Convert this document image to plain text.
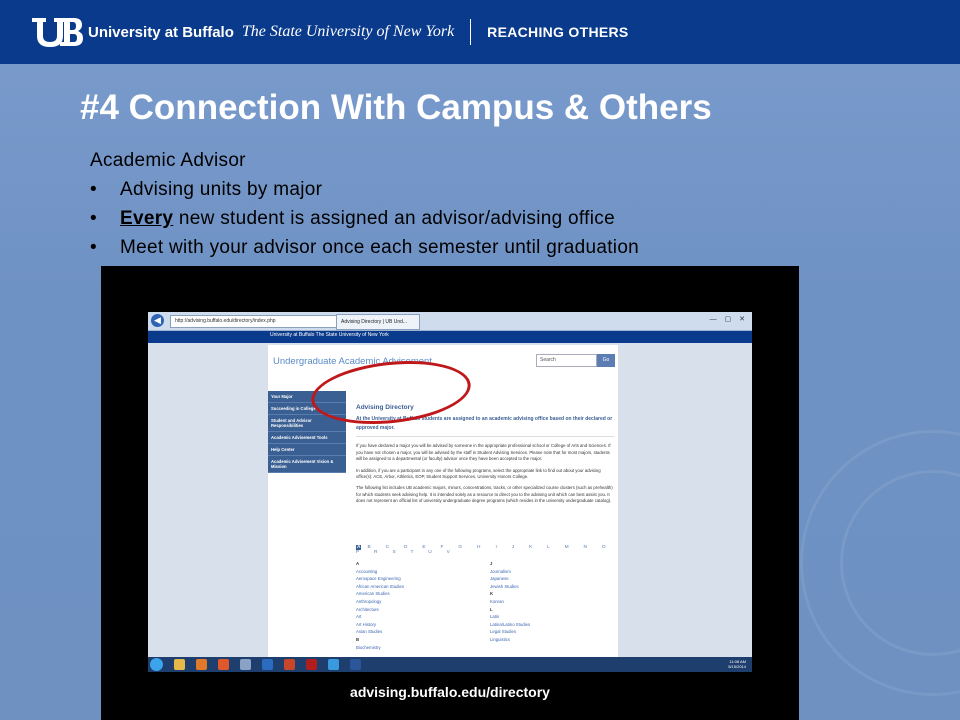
University at Buffalo The State University of New York REACHING OTHERS
#4 Connection With Campus & Others
Academic Advisor
• Advising units by major
• Every new student is assigned an advisor/advising office
• Meet with your advisor once each semester until graduation
◀	http://advising.buffalo.edu/directory/index.php	Advising Directory | UB Und...	— ▢ ✕
University at Buffalo The State University of New York
Undergraduate Academic Advisement	Search	Go
Your Major
Succeeding in College
Student and Advisor Responsibilities
Academic Advisement Tools
Help Center
Academic Advisement Vision & Mission
Advising Directory
At the University at Buffalo students are assigned to an academic advising office based on their declared or approved major.
If you have declared a major you will be advised by someone in the appropriate professional school or College of Arts and Sciences. If you have not chosen a major, you will be advised by the staff in Student Advising Services. Please note that for most majors, students will be assigned to a departmental (or faculty) advisor once they have been accepted to the major.
In addition, if you are a participant in any one of the following programs, select the appropriate link to find out about your advising office(s): ACE, Arbor, Athletics, EOP, Student Support Services, University Honors College.
The following list includes UB academic majors, minors, concentrations, tracks, or other specialized course clusters (such as prehealth) for which students seek advising help. It is intended solely as a resource to direct you to the advising unit which can best assist you. It does not represent an official list of university undergraduate degree programs (which resides in the university undergraduate catalog).
A B C D E F G H I J K L M N O P R S T U V
A
Accounting
Aerospace Engineering
African American Studies
American Studies
Anthropology
Architecture
Art
Art History
Asian Studies
B
Biochemistry
J
Journalism
Japanese
Jewish Studies
K
Korean
L
Latin
Latina/Latino Studies
Legal Studies
Linguistics
11:08 AM
5/15/2014
advising.buffalo.edu/directory
